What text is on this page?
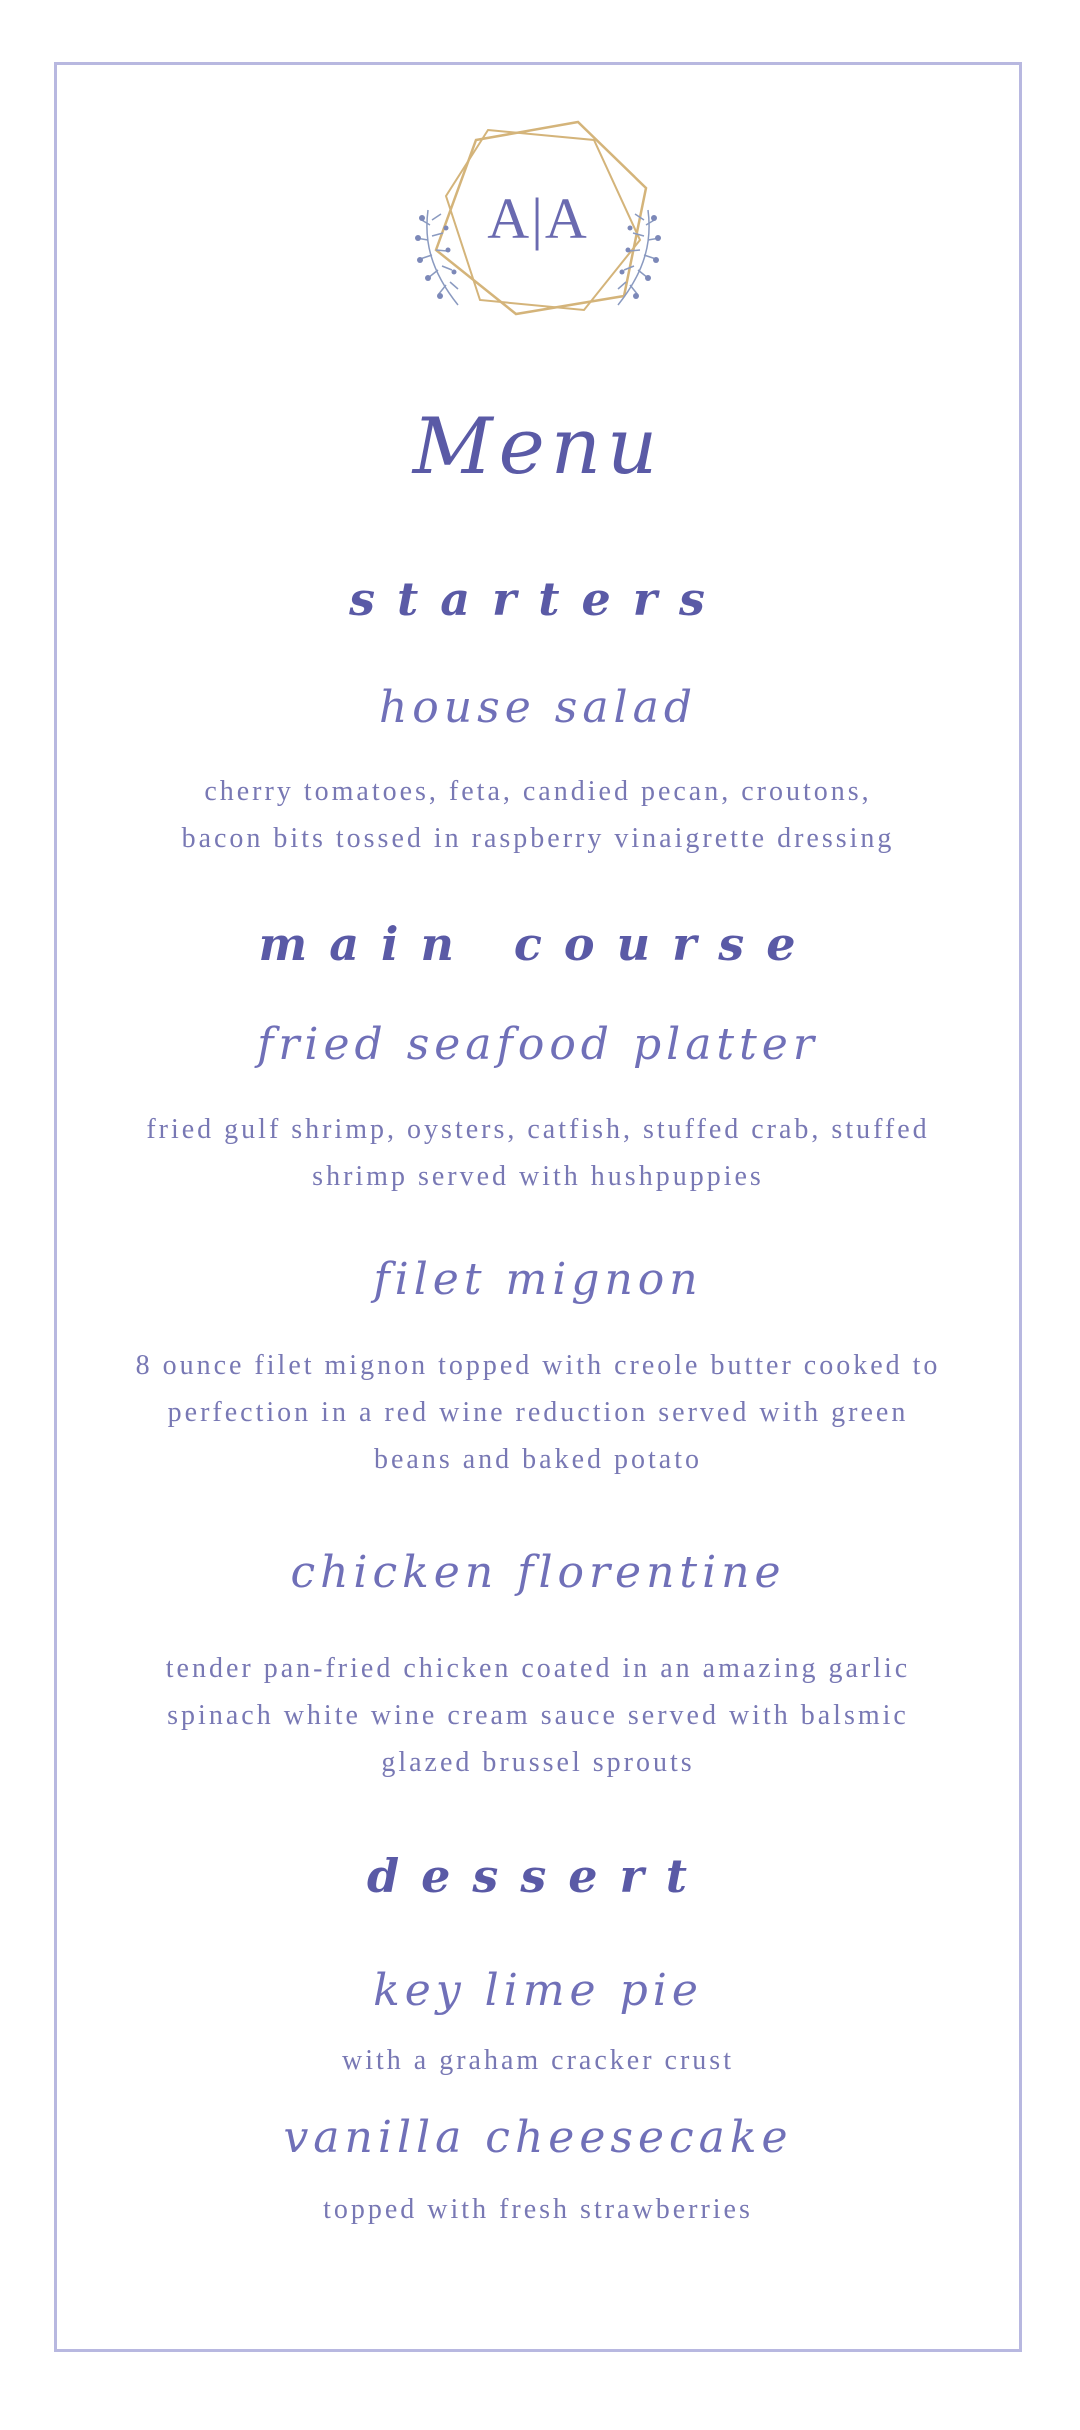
A|A
Menu
starters
house salad
cherry tomatoes, feta, candied pecan, croutons,
bacon bits tossed in raspberry vinaigrette dressing
main course
fried seafood platter
fried gulf shrimp, oysters, catfish, stuffed crab, stuffed
shrimp served with hushpuppies
filet mignon
8 ounce filet mignon topped with creole butter cooked to
perfection in a red wine reduction served with green
beans and baked potato
chicken florentine
tender pan-fried chicken coated in an amazing garlic
spinach white wine cream sauce served with balsmic
glazed brussel sprouts
dessert
key lime pie
with a graham cracker crust
vanilla cheesecake
topped with fresh strawberries
